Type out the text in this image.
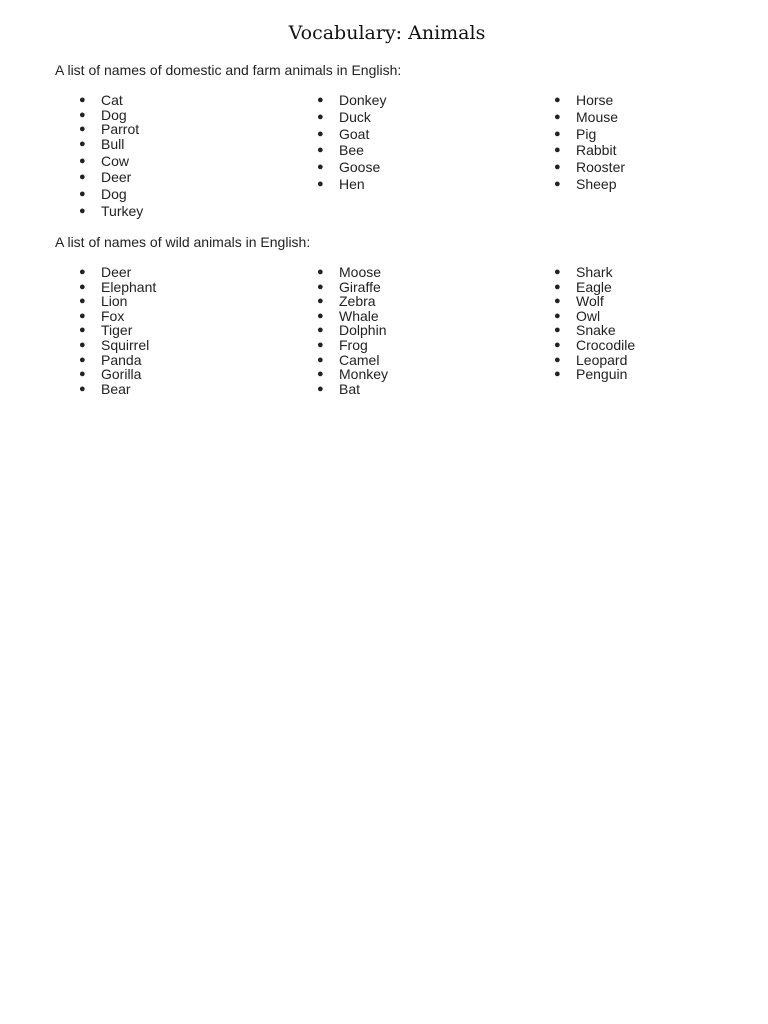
Vocabulary: Animals

A list of names of domestic and farm animals in English:

● Cat
● Dog
● Parrot
● Bull
● Cow
● Deer
● Dog
● Turkey
● Donkey
● Duck
● Goat
● Bee
● Goose
● Hen
● Horse
● Mouse
● Pig
● Rabbit
● Rooster
● Sheep

A list of names of wild animals in English:

● Deer
● Elephant
● Lion
● Fox
● Tiger
● Squirrel
● Panda
● Gorilla
● Bear
● Moose
● Giraffe
● Zebra
● Whale
● Dolphin
● Frog
● Camel
● Monkey
● Bat
● Shark
● Eagle
● Wolf
● Owl
● Snake
● Crocodile
● Leopard
● Penguin
